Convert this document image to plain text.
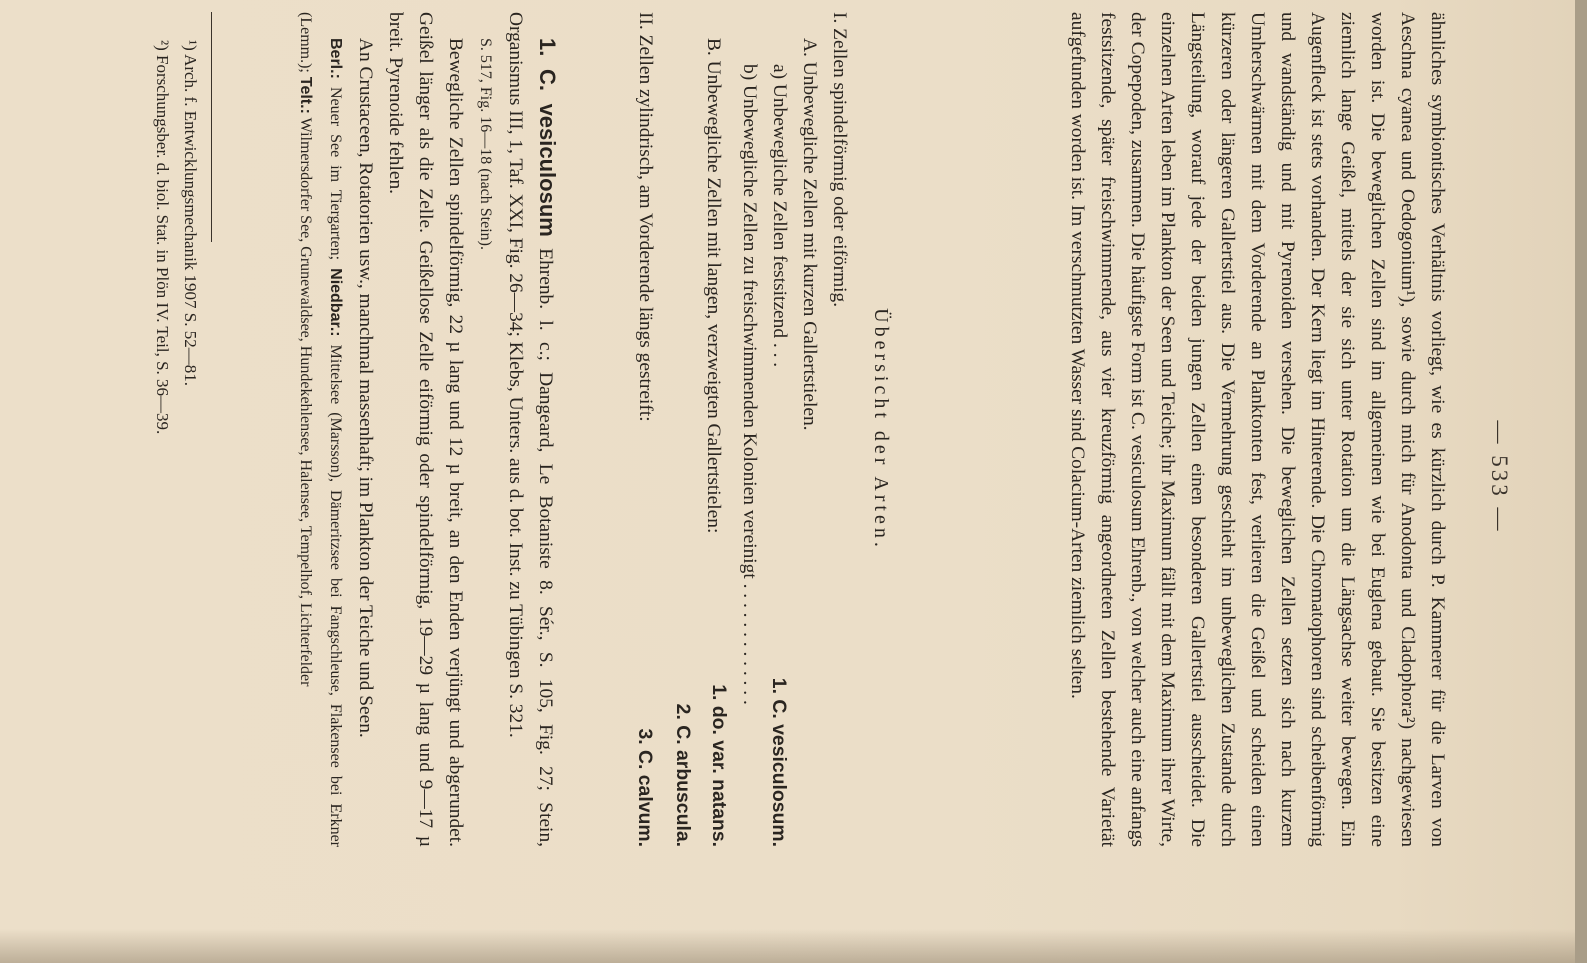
— 533 —

ähnliches symbiontisches Verhältnis vorliegt, wie es kürzlich durch P. Kammerer für die Larven von Aeschna cyanea und Oedogonium¹), sowie durch mich für Anodonta und Cladophora²) nachgewiesen worden ist. Die beweglichen Zellen sind im allgemeinen wie bei Euglena gebaut. Sie besitzen eine ziemlich lange Geißel, mittels der sie sich unter Rotation um die Längsachse weiter bewegen. Ein Augenfleck ist stets vorhanden. Der Kern liegt im Hinterende. Die Chromatophoren sind scheibenförmig und wandständig und mit Pyrenoiden versehen. Die beweglichen Zellen setzen sich nach kurzem Umherschwärmen mit dem Vorderende an Planktonten fest, verlieren die Geißel und scheiden einen kürzeren oder längeren Gallertstiel aus. Die Vermehrung geschieht im unbeweglichen Zustande durch Längsteilung, worauf jede der beiden jungen Zellen einen besonderen Gallertstiel ausscheidet. Die einzelnen Arten leben im Plankton der Seen und Teiche; ihr Maximum fällt mit dem Maximum ihrer Wirte, der Copepoden, zusammen. Die häufigste Form ist C. vesiculosum Ehrenb., von welcher auch eine anfangs festsitzende, später freischwimmende, aus vier kreuzförmig angeordneten Zellen bestehende Varietät aufgefunden worden ist. Im verschmutzten Wasser sind Colacium-Arten ziemlich selten.

Übersicht der Arten.
I. Zellen spindelförmig oder eiförmig.
A. Unbewegliche Zellen mit kurzen Gallertstielen.
a) Unbewegliche Zellen festsitzend . . .
1. C. vesiculosum.
b) Unbewegliche Zellen zu freischwimmenden Kolonien vereinigt . . . . . . . . . . . . .
1. do. var. natans.
B. Unbewegliche Zellen mit langen, verzweigten Gallertstielen:
2. C. arbuscula.
II. Zellen zylindrisch, am Vorderende längs gestreift:
3. C. calvum.

1. C. vesiculosum Ehrenb. l. c.; Dangeard, Le Botaniste 8. Sér., S. 105, Fig. 27; Stein, Organismus III, 1, Taf. XXI, Fig. 26—34; Klebs, Unters. aus d. bot. Inst. zu Tübingen S. 321.

S. 517, Fig. 16—18 (nach Stein).

Bewegliche Zellen spindelförmig, 22 µ lang und 12 µ breit, an den Enden verjüngt und abgerundet. Geißel länger als die Zelle. Geißellose Zelle eiförmig oder spindelförmig, 19—29 µ lang und 9—17 µ breit. Pyrenoide fehlen.

An Crustaceen, Rotatorien usw., manchmal massenhaft; im Plankton der Teiche und Seen.

Berl.: Neuer See im Tiergarten; Niedbar.: Mittelsee (Marsson), Dämeritzsee bei Fangschleuse, Flakensee bei Erkner (Lemm.); Telt.: Wilmersdorfer See, Grunewaldsee, Hundekehlensee, Halensee, Tempelhof, Lichterfelder

¹) Arch. f. Entwicklungsmechanik 1907 S. 52—81.

²) Forschungsber. d. biol. Stat. in Plön IV. Teil, S. 36—39.
